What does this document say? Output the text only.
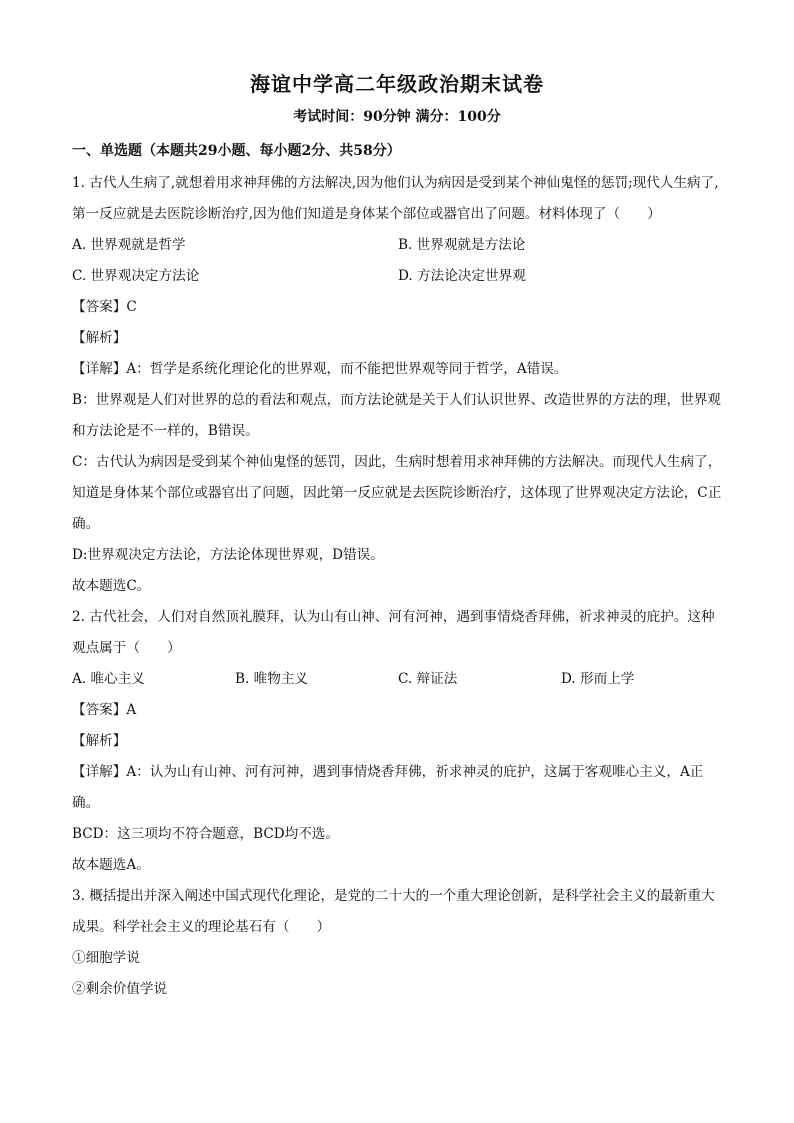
海谊中学高二年级政治期末试卷
考试时间：90分钟 满分：100分
一、单选题（本题共29小题、每小题2分、共58分）

1. 古代人生病了,就想着用求神拜佛的方法解决,因为他们认为病因是受到某个神仙鬼怪的惩罚;现代人生病了,第一反应就是去医院诊断治疗,因为他们知道是身体某个部位或器官出了问题。材料体现了（　　）

A. 世界观就是哲学	B. 世界观就是方法论
C. 世界观决定方法论	D. 方法论决定世界观

【答案】C

【解析】

【详解】A：哲学是系统化理论化的世界观，而不能把世界观等同于哲学，A错误。

B：世界观是人们对世界的总的看法和观点，而方法论就是关于人们认识世界、改造世界的方法的理，世界观和方法论是不一样的，B错误。

C：古代认为病因是受到某个神仙鬼怪的惩罚，因此，生病时想着用求神拜佛的方法解决。而现代人生病了，知道是身体某个部位或器官出了问题，因此第一反应就是去医院诊断治疗，这体现了世界观决定方法论，C正确。

D:世界观决定方法论，方法论体现世界观，D错误。

故本题选C。

2. 古代社会，人们对自然顶礼膜拜，认为山有山神、河有河神，遇到事情烧香拜佛，祈求神灵的庇护。这种观点属于（　　）

A. 唯心主义	B. 唯物主义	C. 辩证法	D. 形而上学

【答案】A

【解析】

【详解】A：认为山有山神、河有河神，遇到事情烧香拜佛，祈求神灵的庇护，这属于客观唯心主义，A正确。

BCD：这三项均不符合题意，BCD均不选。

故本题选A。

3. 概括提出并深入阐述中国式现代化理论，是党的二十大的一个重大理论创新，是科学社会主义的最新重大成果。科学社会主义的理论基石有（　　）

①细胞学说

②剩余价值学说
